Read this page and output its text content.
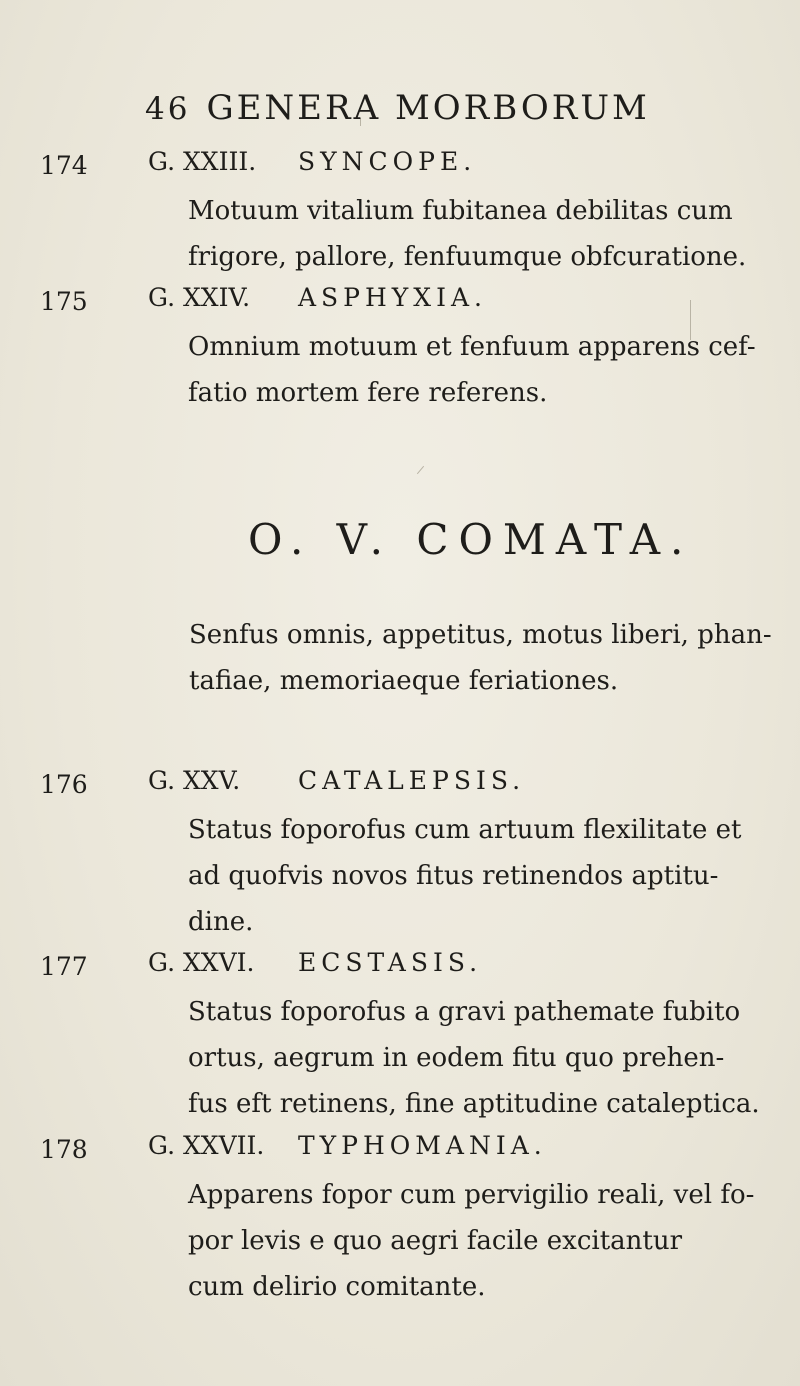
46 GENERA MORBORUM
174 G. XXIII. SYNCOPE.
Motuum vitalium fubitanea debilitas cum
frigore, pallore, fenfuumque obfcuratione.
175 G. XXIV. ASPHYXIA.
Omnium motuum et fenfuum apparens cef-
fatio mortem fere referens.
O. V. COMATA.
Senfus omnis, appetitus, motus liberi, phan-
tafiae, memoriaeque feriationes.
176 G. XXV. CATALEPSIS.
Status foporofus cum artuum flexilitate et
ad quofvis novos fitus retinendos aptitu-
dine.
177 G. XXVI. ECSTASIS.
Status foporofus a gravi pathemate fubito
ortus, aegrum in eodem fitu quo prehen-
fus eft retinens, fine aptitudine cataleptica.
178 G. XXVII. TYPHOMANIA.
Apparens fopor cum pervigilio reali, vel fo-
por levis e quo aegri facile excitantur
cum delirio comitante.
